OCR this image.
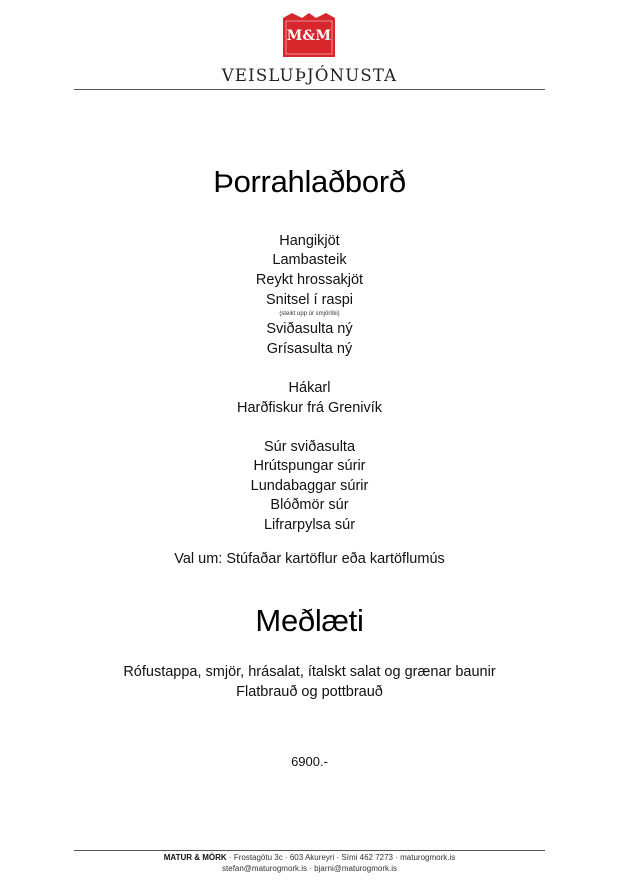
M&M
VEISLUÞJÓNUSTA
Þorrahlaðborð
Hangikjöt
Lambasteik
Reykt hrossakjöt
Snitsel í raspi
(steikt upp úr smjörlíki)
Sviðasulta ný
Grísasulta ný
Hákarl
Harðfiskur frá Grenivík
Súr sviðasulta
Hrútspungar súrir
Lundabaggar súrir
Blóðmör súr
Lifrarpylsa súr
Val um: Stúfaðar kartöflur eða kartöflumús
Meðlæti
Rófustappa, smjör, hrásalat, ítalskt salat og grænar baunir
Flatbrauð og pottbrauð
6900.-
MATUR & MÖRK · Frostagötu 3c · 603 Akureyri · Sími 462 7273 · maturogmork.is
stefan@maturogmork.is · bjarni@maturogmork.is
